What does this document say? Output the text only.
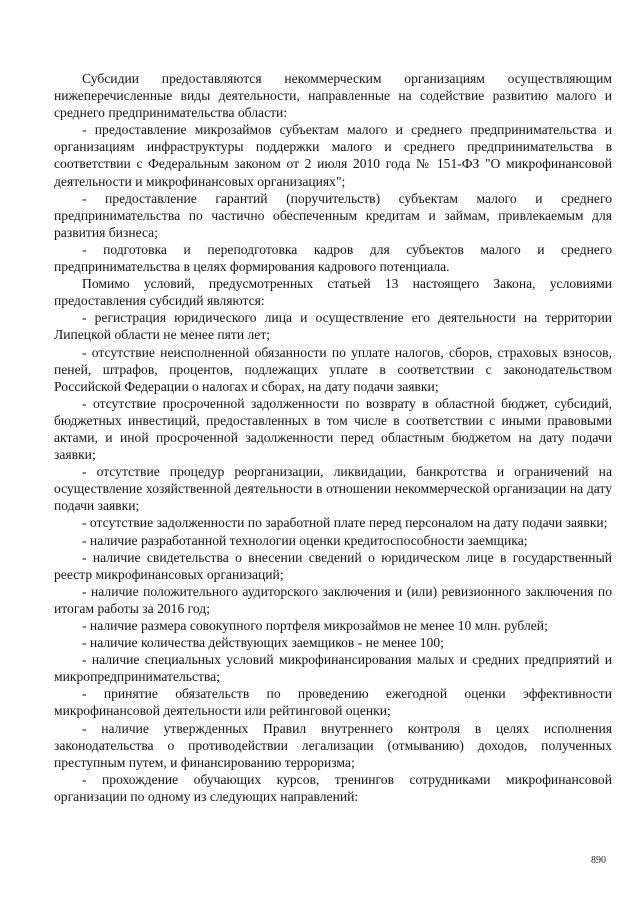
Субсидии предоставляются некоммерческим организациям осуществляющим нижеперечисленные виды деятельности, направленные на содействие развитию малого и среднего предпринимательства области:

- предоставление микрозаймов субъектам малого и среднего предпринимательства и организациям инфраструктуры поддержки малого и среднего предпринимательства в соответствии с Федеральным законом от 2 июля 2010 года № 151-ФЗ "О микрофинансовой деятельности и микрофинансовых организациях";

- предоставление гарантий (поручительств) субъектам малого и среднего предпринимательства по частично обеспеченным кредитам и займам, привлекаемым для развития бизнеса;

- подготовка и переподготовка кадров для субъектов малого и среднего предпринимательства в целях формирования кадрового потенциала.

Помимо условий, предусмотренных статьей 13 настоящего Закона, условиями предоставления субсидий являются:

- регистрация юридического лица и осуществление его деятельности на территории Липецкой области не менее пяти лет;

- отсутствие неисполненной обязанности по уплате налогов, сборов, страховых взносов, пеней, штрафов, процентов, подлежащих уплате в соответствии с законодательством Российской Федерации о налогах и сборах, на дату подачи заявки;

- отсутствие просроченной задолженности по возврату в областной бюджет, субсидий, бюджетных инвестиций, предоставленных в том числе в соответствии с иными правовыми актами, и иной просроченной задолженности перед областным бюджетом на дату подачи заявки;

- отсутствие процедур реорганизации, ликвидации, банкротства и ограничений на осуществление хозяйственной деятельности в отношении некоммерческой организации на дату подачи заявки;

- отсутствие задолженности по заработной плате перед персоналом на дату подачи заявки;

- наличие разработанной технологии оценки кредитоспособности заемщика;

- наличие свидетельства о внесении сведений о юридическом лице в государственный реестр микрофинансовых организаций;

- наличие положительного аудиторского заключения и (или) ревизионного заключения по итогам работы за 2016 год;

- наличие размера совокупного портфеля микрозаймов не менее 10 млн. рублей;

- наличие количества действующих заемщиков - не менее 100;

- наличие специальных условий микрофинансирования малых и средних предприятий и микропредпринимательства;

- принятие обязательств по проведению ежегодной оценки эффективности микрофинансовой деятельности или рейтинговой оценки;

- наличие утвержденных Правил внутреннего контроля в целях исполнения законодательства о противодействии легализации (отмыванию) доходов, полученных преступным путем, и финансированию терроризма;

- прохождение обучающих курсов, тренингов сотрудниками микрофинансовой организации по одному из следующих направлений:

890
